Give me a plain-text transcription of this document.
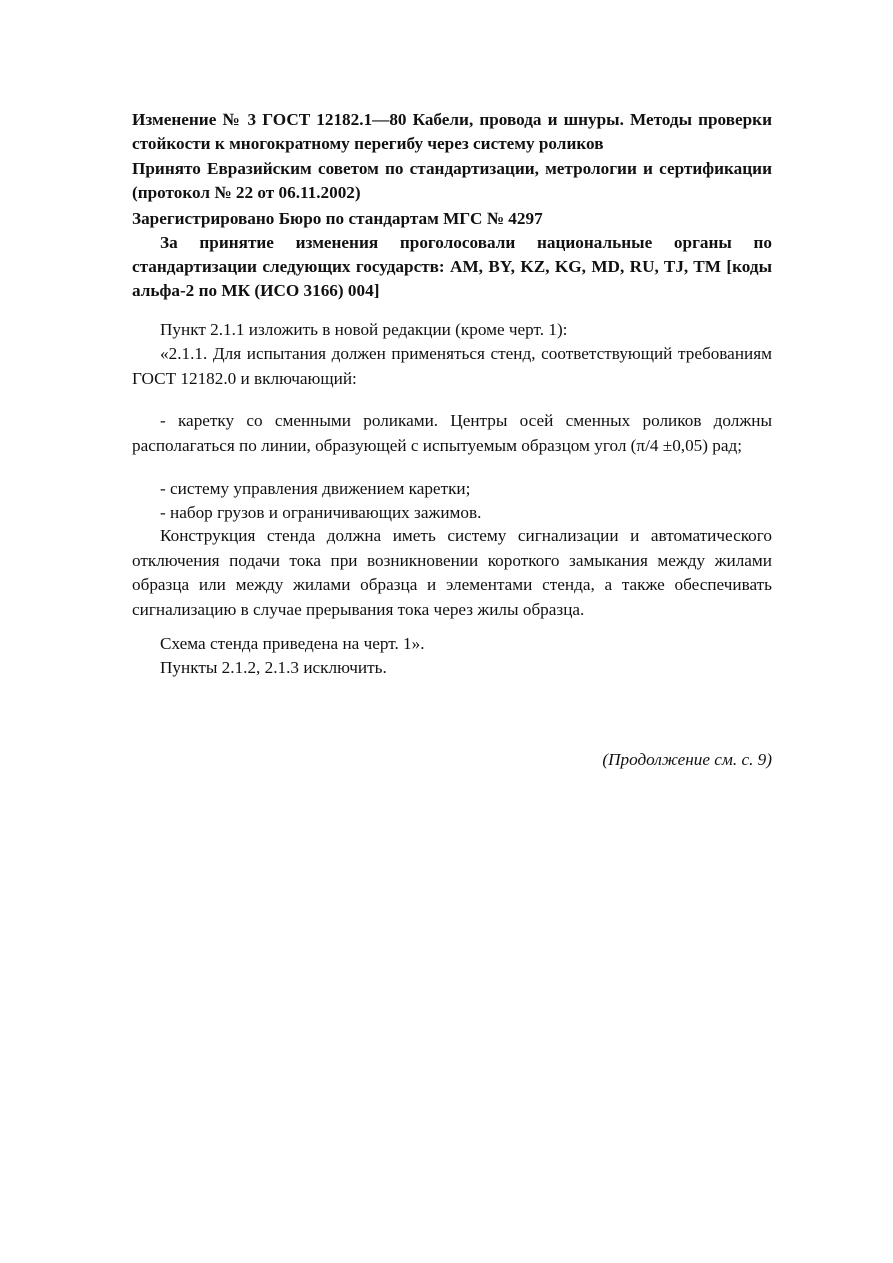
Изменение № 3 ГОСТ 12182.1—80 Кабели, провода и шнуры. Методы проверки стойкости к многократному перегибу через систему роликов

Принято Евразийским советом по стандартизации, метрологии и сертификации (протокол № 22 от 06.11.2002)

Зарегистрировано Бюро по стандартам МГС № 4297

За принятие изменения проголосовали национальные органы по стандартизации следующих государств: AM, BY, KZ, KG, MD, RU, TJ, TM [коды альфа-2 по МК (ИСО 3166) 004]

Пункт 2.1.1 изложить в новой редакции (кроме черт. 1):

«2.1.1. Для испытания должен применяться стенд, соответствующий требованиям ГОСТ 12182.0 и включающий:

- каретку со сменными роликами. Центры осей сменных роликов должны располагаться по линии, образующей с испытуемым образцом угол (π/4 ±0,05) рад;

- систему управления движением каретки;

- набор грузов и ограничивающих зажимов.

Конструкция стенда должна иметь систему сигнализации и автоматического отключения подачи тока при возникновении короткого замыкания между жилами образца или между жилами образца и элементами стенда, а также обеспечивать сигнализацию в случае прерывания тока через жилы образца.

Схема стенда приведена на черт. 1».

Пункты 2.1.2, 2.1.3 исключить.

(Продолжение см. с. 9)
